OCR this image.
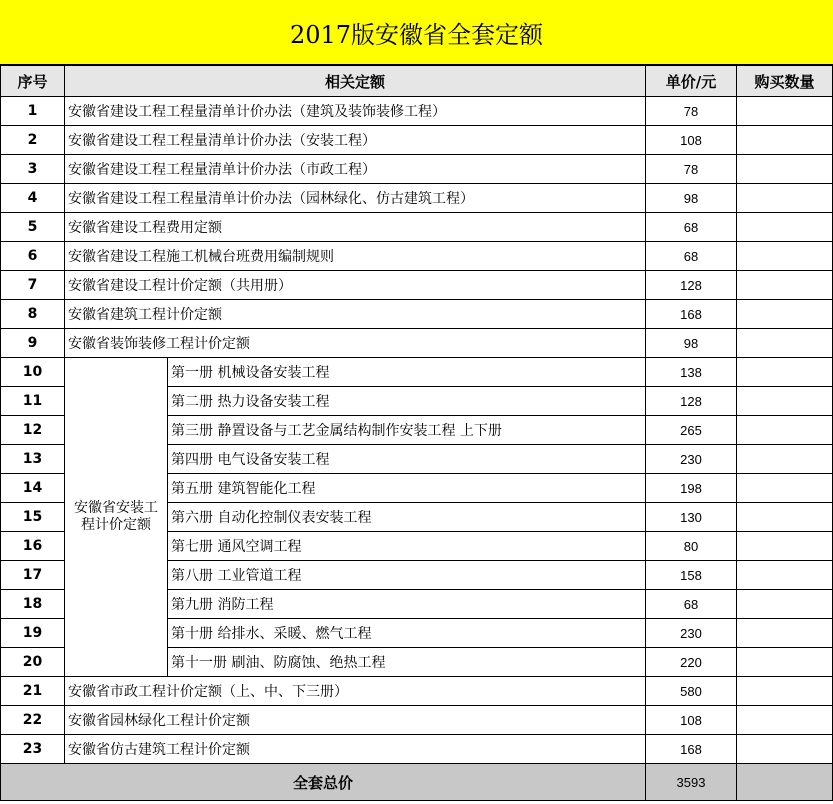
2017版安徽省全套定额
序号	相关定额		单价/元	购买数量
1	安徽省建设工程工程量清单计价办法（建筑及装饰装修工程）		78	
2	安徽省建设工程工程量清单计价办法（安装工程）		108	
3	安徽省建设工程工程量清单计价办法（市政工程）		78	
4	安徽省建设工程工程量清单计价办法（园林绿化、仿古建筑工程）		98	
5	安徽省建设工程费用定额		68	
6	安徽省建设工程施工机械台班费用编制规则		68	
7	安徽省建设工程计价定额（共用册）		128	
8	安徽省建筑工程计价定额		168	
9	安徽省装饰装修工程计价定额		98	
10	安徽省安装工程计价定额	第一册 机械设备安装工程	138	
11		第二册 热力设备安装工程	128	
12		第三册 静置设备与工艺金属结构制作安装工程 上下册	265	
13		第四册 电气设备安装工程	230	
14		第五册 建筑智能化工程	198	
15		第六册 自动化控制仪表安装工程	130	
16		第七册 通风空调工程	80	
17		第八册 工业管道工程	158	
18		第九册 消防工程	68	
19		第十册 给排水、采暖、燃气工程	230	
20		第十一册 刷油、防腐蚀、绝热工程	220	
21	安徽省市政工程计价定额（上、中、下三册）		580	
22	安徽省园林绿化工程计价定额		108	
23	安徽省仿古建筑工程计价定额		168	
全套总价			3593	
